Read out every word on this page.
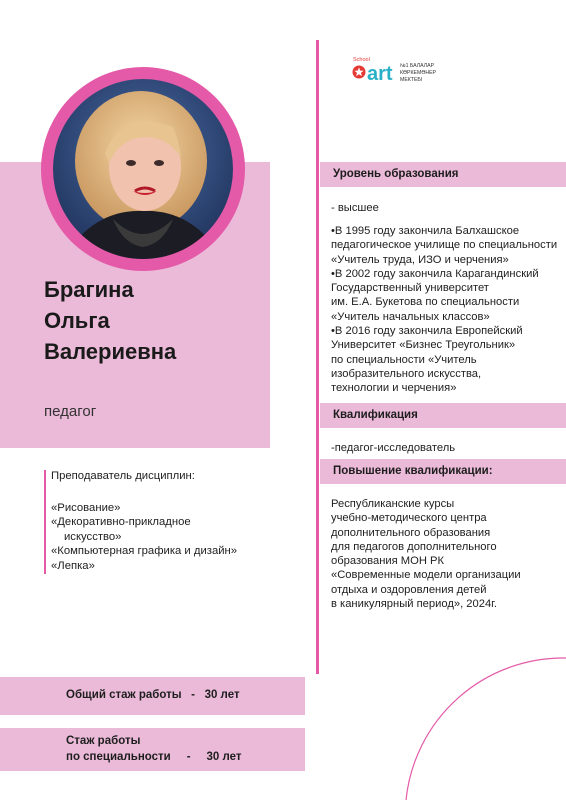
School
art №1 БАЛАЛАР
КӨРКЕМӨНЕР
МЕКТЕБІ
Брагина
Ольга
Валериевна
педагог
Преподаватель дисциплин:
«Рисование»
«Декоративно-прикладное
искусство»
«Компьютерная графика и дизайн»
«Лепка»
Общий стаж работы   -   30 лет
Стаж работы
по специальности     -     30 лет
Уровень образования
- высшее
•В 1995 году закончила Балхашское
педагогическое училище по специальности
«Учитель труда, ИЗО и черчения»
•В 2002 году закончила Карагандинский
Государственный университет
им. Е.А. Букетова по специальности
«Учитель начальных классов»
•В 2016 году закончила Европейский
Университет «Бизнес Треугольник»
по специальности «Учитель
изобразительного искусства,
технологии и черчения»
Квалификация
-педагог-исследователь
Повышение квалификации:
Республиканские курсы
учебно-методического центра
дополнительного образования
для педагогов дополнительного
образования МОН РК
«Современные модели организации
отдыха и оздоровления детей
в каникулярный период», 2024г.
